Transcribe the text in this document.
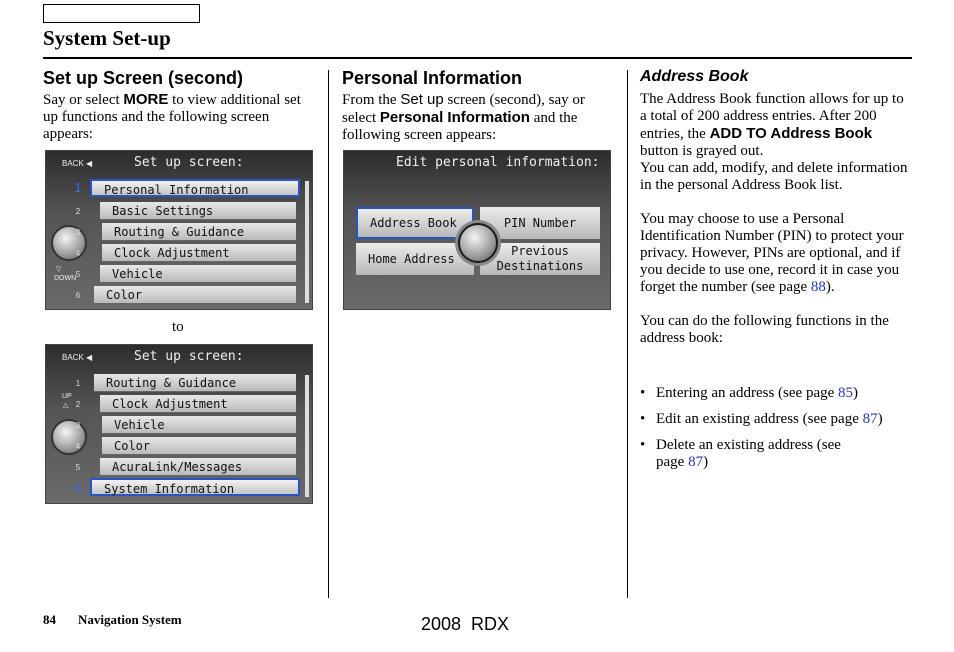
System Set-up
Set up Screen (second)
Say or select MORE to view additional set up functions and the following screen appears:
BACK ◀	Set up screen:
▽
DOWN
1	Personal Information
2	Basic Settings
3	Routing & Guidance
4	Clock Adjustment
5	Vehicle
6	Color
to
BACK ◀	Set up screen:
UP
△
1	Routing & Guidance
2	Clock Adjustment
3	Vehicle
4	Color
5	AcuraLink/Messages
6	System Information
Personal Information
From the Set up screen (second), say or select Personal Information and the following screen appears:
Edit personal information:
Address Book	PIN Number
Home Address
Previous
Destinations
Address Book
The Address Book function allows for up to a total of 200 address entries. After 200 entries, the ADD TO Address Book button is grayed out.
You can add, modify, and delete information in the personal Address Book list.
You may choose to use a Personal Identification Number (PIN) to protect your privacy. However, PINs are optional, and if you decide to use one, record it in case you forget the number (see page 88).
You can do the following functions in the address book:
• Entering an address (see page 85)
• Edit an existing address (see page 87)
• Delete an existing address (see page 87)
84 Navigation System	2008  RDX
